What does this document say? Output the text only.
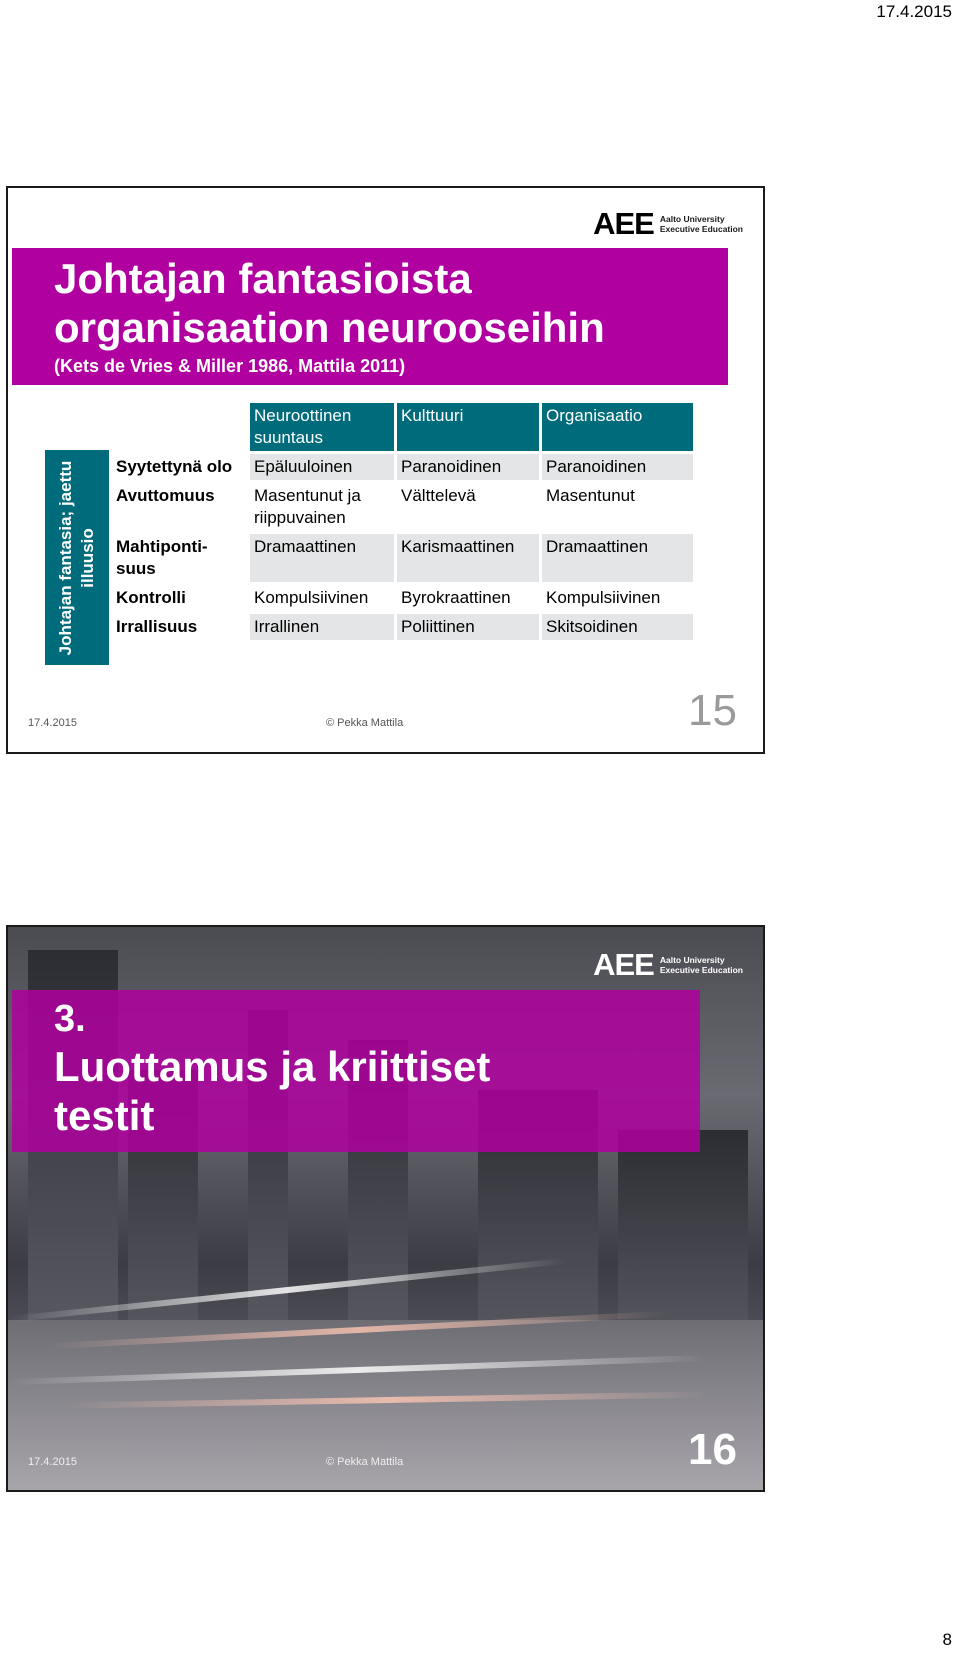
17.4.2015
AEE Aalto University
Executive Education
Johtajan fantasioista
organisaation neurooseihin
(Kets de Vries & Miller 1986, Mattila 2011)
Johtajan fantasia; jaettu illuusio
	Neuroottinen suuntaus	Kulttuuri	Organisaatio
Syytettynä olo	Epäluuloinen	Paranoidinen	Paranoidinen
Avuttomuus	Masentunut ja riippuvainen	Välttelevä	Masentunut
Mahtiponti-suus	Dramaattinen	Karismaattinen	Dramaattinen
Kontrolli	Kompulsiivinen	Byrokraattinen	Kompulsiivinen
Irrallisuus	Irrallinen	Poliittinen	Skitsoidinen
17.4.2015	© Pekka Mattila	15
AEE Aalto University
Executive Education
3.
Luottamus ja kriittiset
testit
17.4.2015	© Pekka Mattila	16
8
